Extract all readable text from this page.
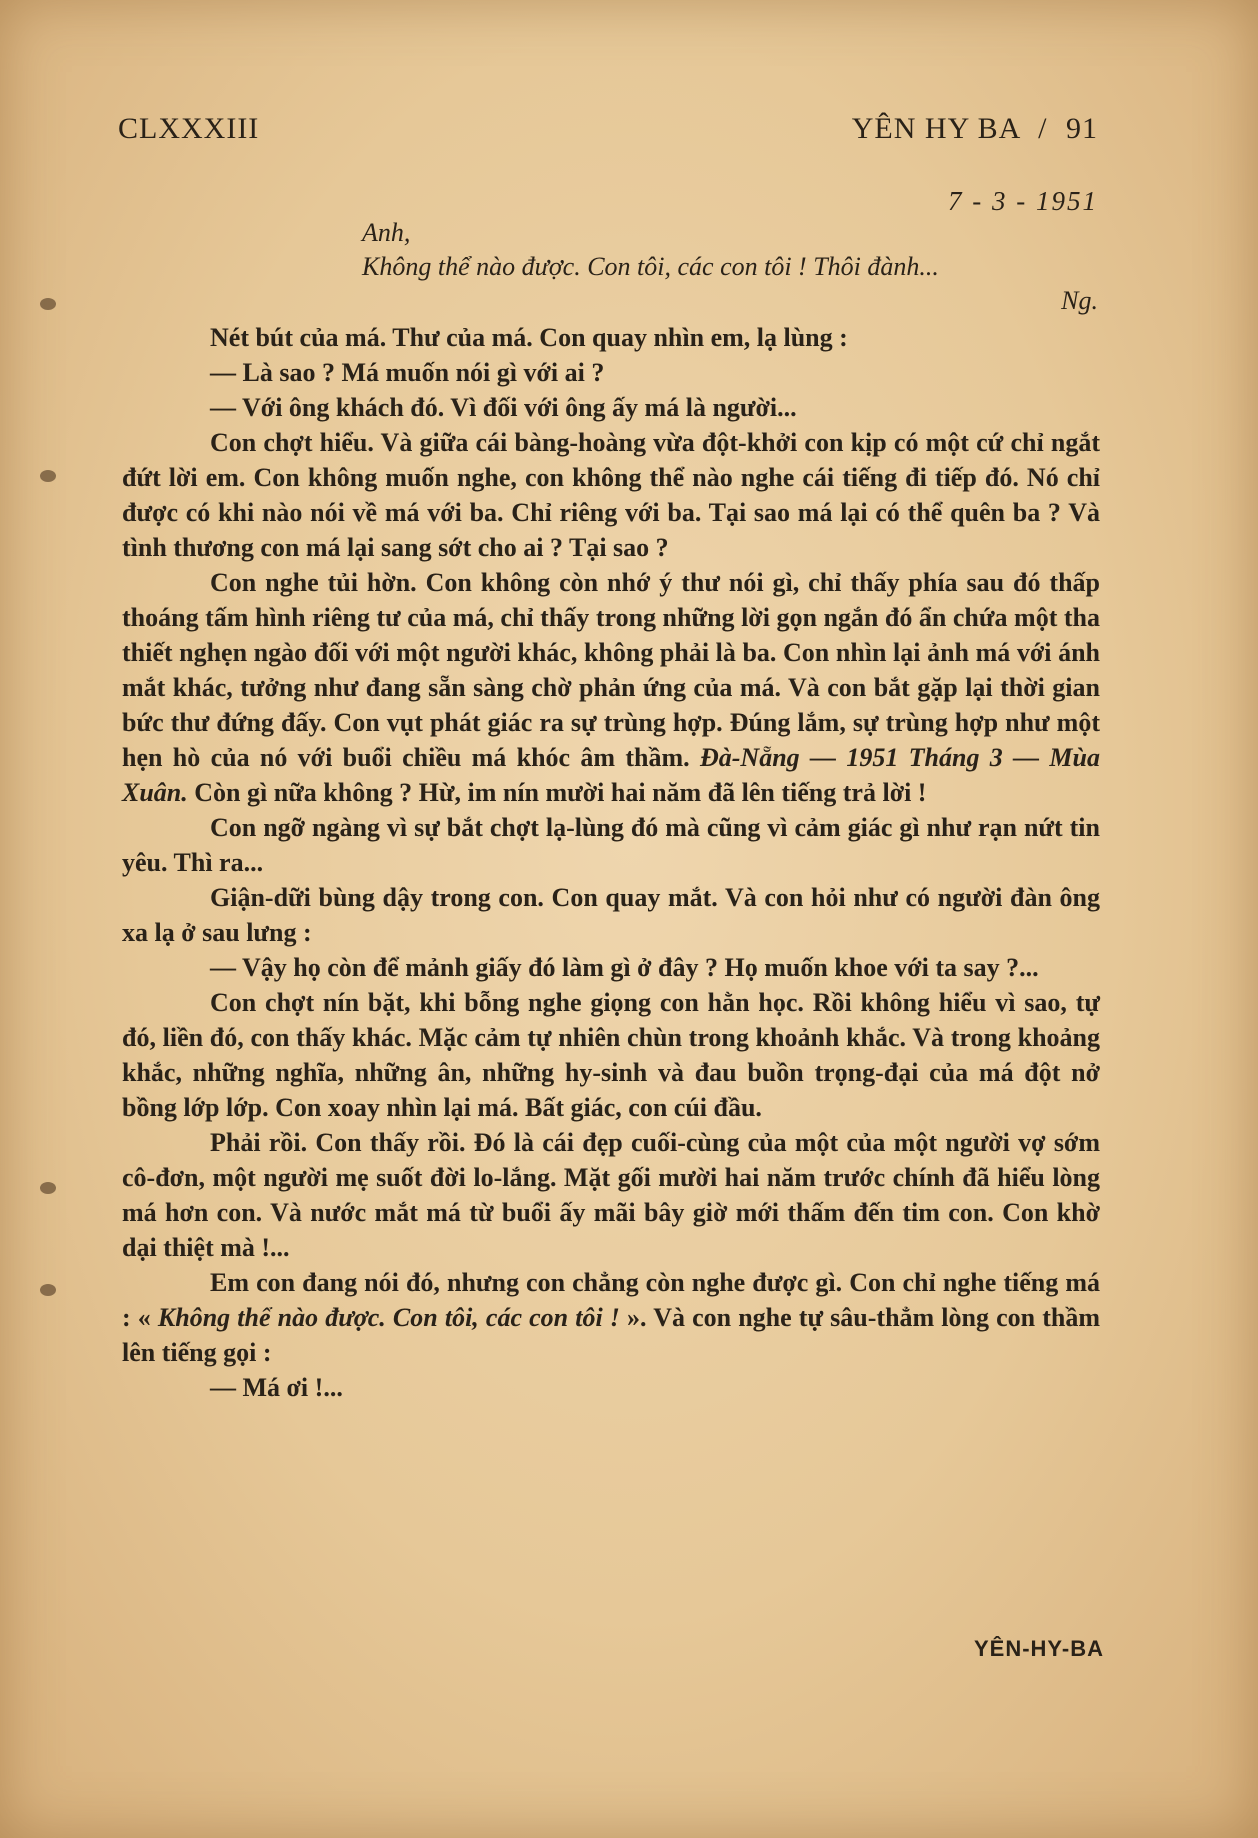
CLXXXIII	YÊN HY BA / 91
7 - 3 - 1951
Anh,
Không thể nào được. Con tôi, các con tôi ! Thôi đành...
Ng.

Nét bút của má. Thư của má. Con quay nhìn em, lạ lùng :

— Là sao ? Má muốn nói gì với ai ?

— Với ông khách đó. Vì đối với ông ấy má là người...

Con chợt hiểu. Và giữa cái bàng-hoàng vừa đột-khởi con kịp có một cứ chỉ ngắt đứt lời em. Con không muốn nghe, con không thể nào nghe cái tiếng đi tiếp đó. Nó chỉ được có khi nào nói về má với ba. Chỉ riêng với ba. Tại sao má lại có thể quên ba ? Và tình thương con má lại sang sớt cho ai ? Tại sao ?

Con nghe tủi hờn. Con không còn nhớ ý thư nói gì, chỉ thấy phía sau đó thấp thoáng tấm hình riêng tư của má, chỉ thấy trong những lời gọn ngắn đó ẩn chứa một tha thiết nghẹn ngào đối với một người khác, không phải là ba. Con nhìn lại ảnh má với ánh mắt khác, tưởng như đang sẵn sàng chờ phản ứng của má. Và con bắt gặp lại thời gian bức thư đứng đấy. Con vụt phát giác ra sự trùng hợp. Đúng lắm, sự trùng hợp như một hẹn hò của nó với buổi chiều má khóc âm thầm. Đà-Nẵng — 1951 Tháng 3 — Mùa Xuân. Còn gì nữa không ? Hừ, im nín mười hai năm đã lên tiếng trả lời !

Con ngỡ ngàng vì sự bắt chợt lạ-lùng đó mà cũng vì cảm giác gì như rạn nứt tin yêu. Thì ra...

Giận-dữi bùng dậy trong con. Con quay mắt. Và con hỏi như có người đàn ông xa lạ ở sau lưng :

— Vậy họ còn để mảnh giấy đó làm gì ở đây ? Họ muốn khoe với ta say ?...

Con chợt nín bặt, khi bỗng nghe giọng con hằn học. Rồi không hiểu vì sao, tự đó, liền đó, con thấy khác. Mặc cảm tự nhiên chùn trong khoảnh khắc. Và trong khoảng khắc, những nghĩa, những ân, những hy-sinh và đau buồn trọng-đại của má đột nở bồng lớp lớp. Con xoay nhìn lại má. Bất giác, con cúi đầu.

Phải rồi. Con thấy rồi. Đó là cái đẹp cuối-cùng của một của một người vợ sớm cô-đơn, một người mẹ suốt đời lo-lắng. Mặt gối mười hai năm trước chính đã hiểu lòng má hơn con. Và nước mắt má từ buổi ấy mãi bây giờ mới thấm đến tim con. Con khờ dại thiệt mà !...

Em con đang nói đó, nhưng con chẳng còn nghe được gì. Con chỉ nghe tiếng má : « Không thể nào được. Con tôi, các con tôi ! ». Và con nghe tự sâu-thẳm lòng con thầm lên tiếng gọi :

— Má ơi !...

YÊN-HY-BA
